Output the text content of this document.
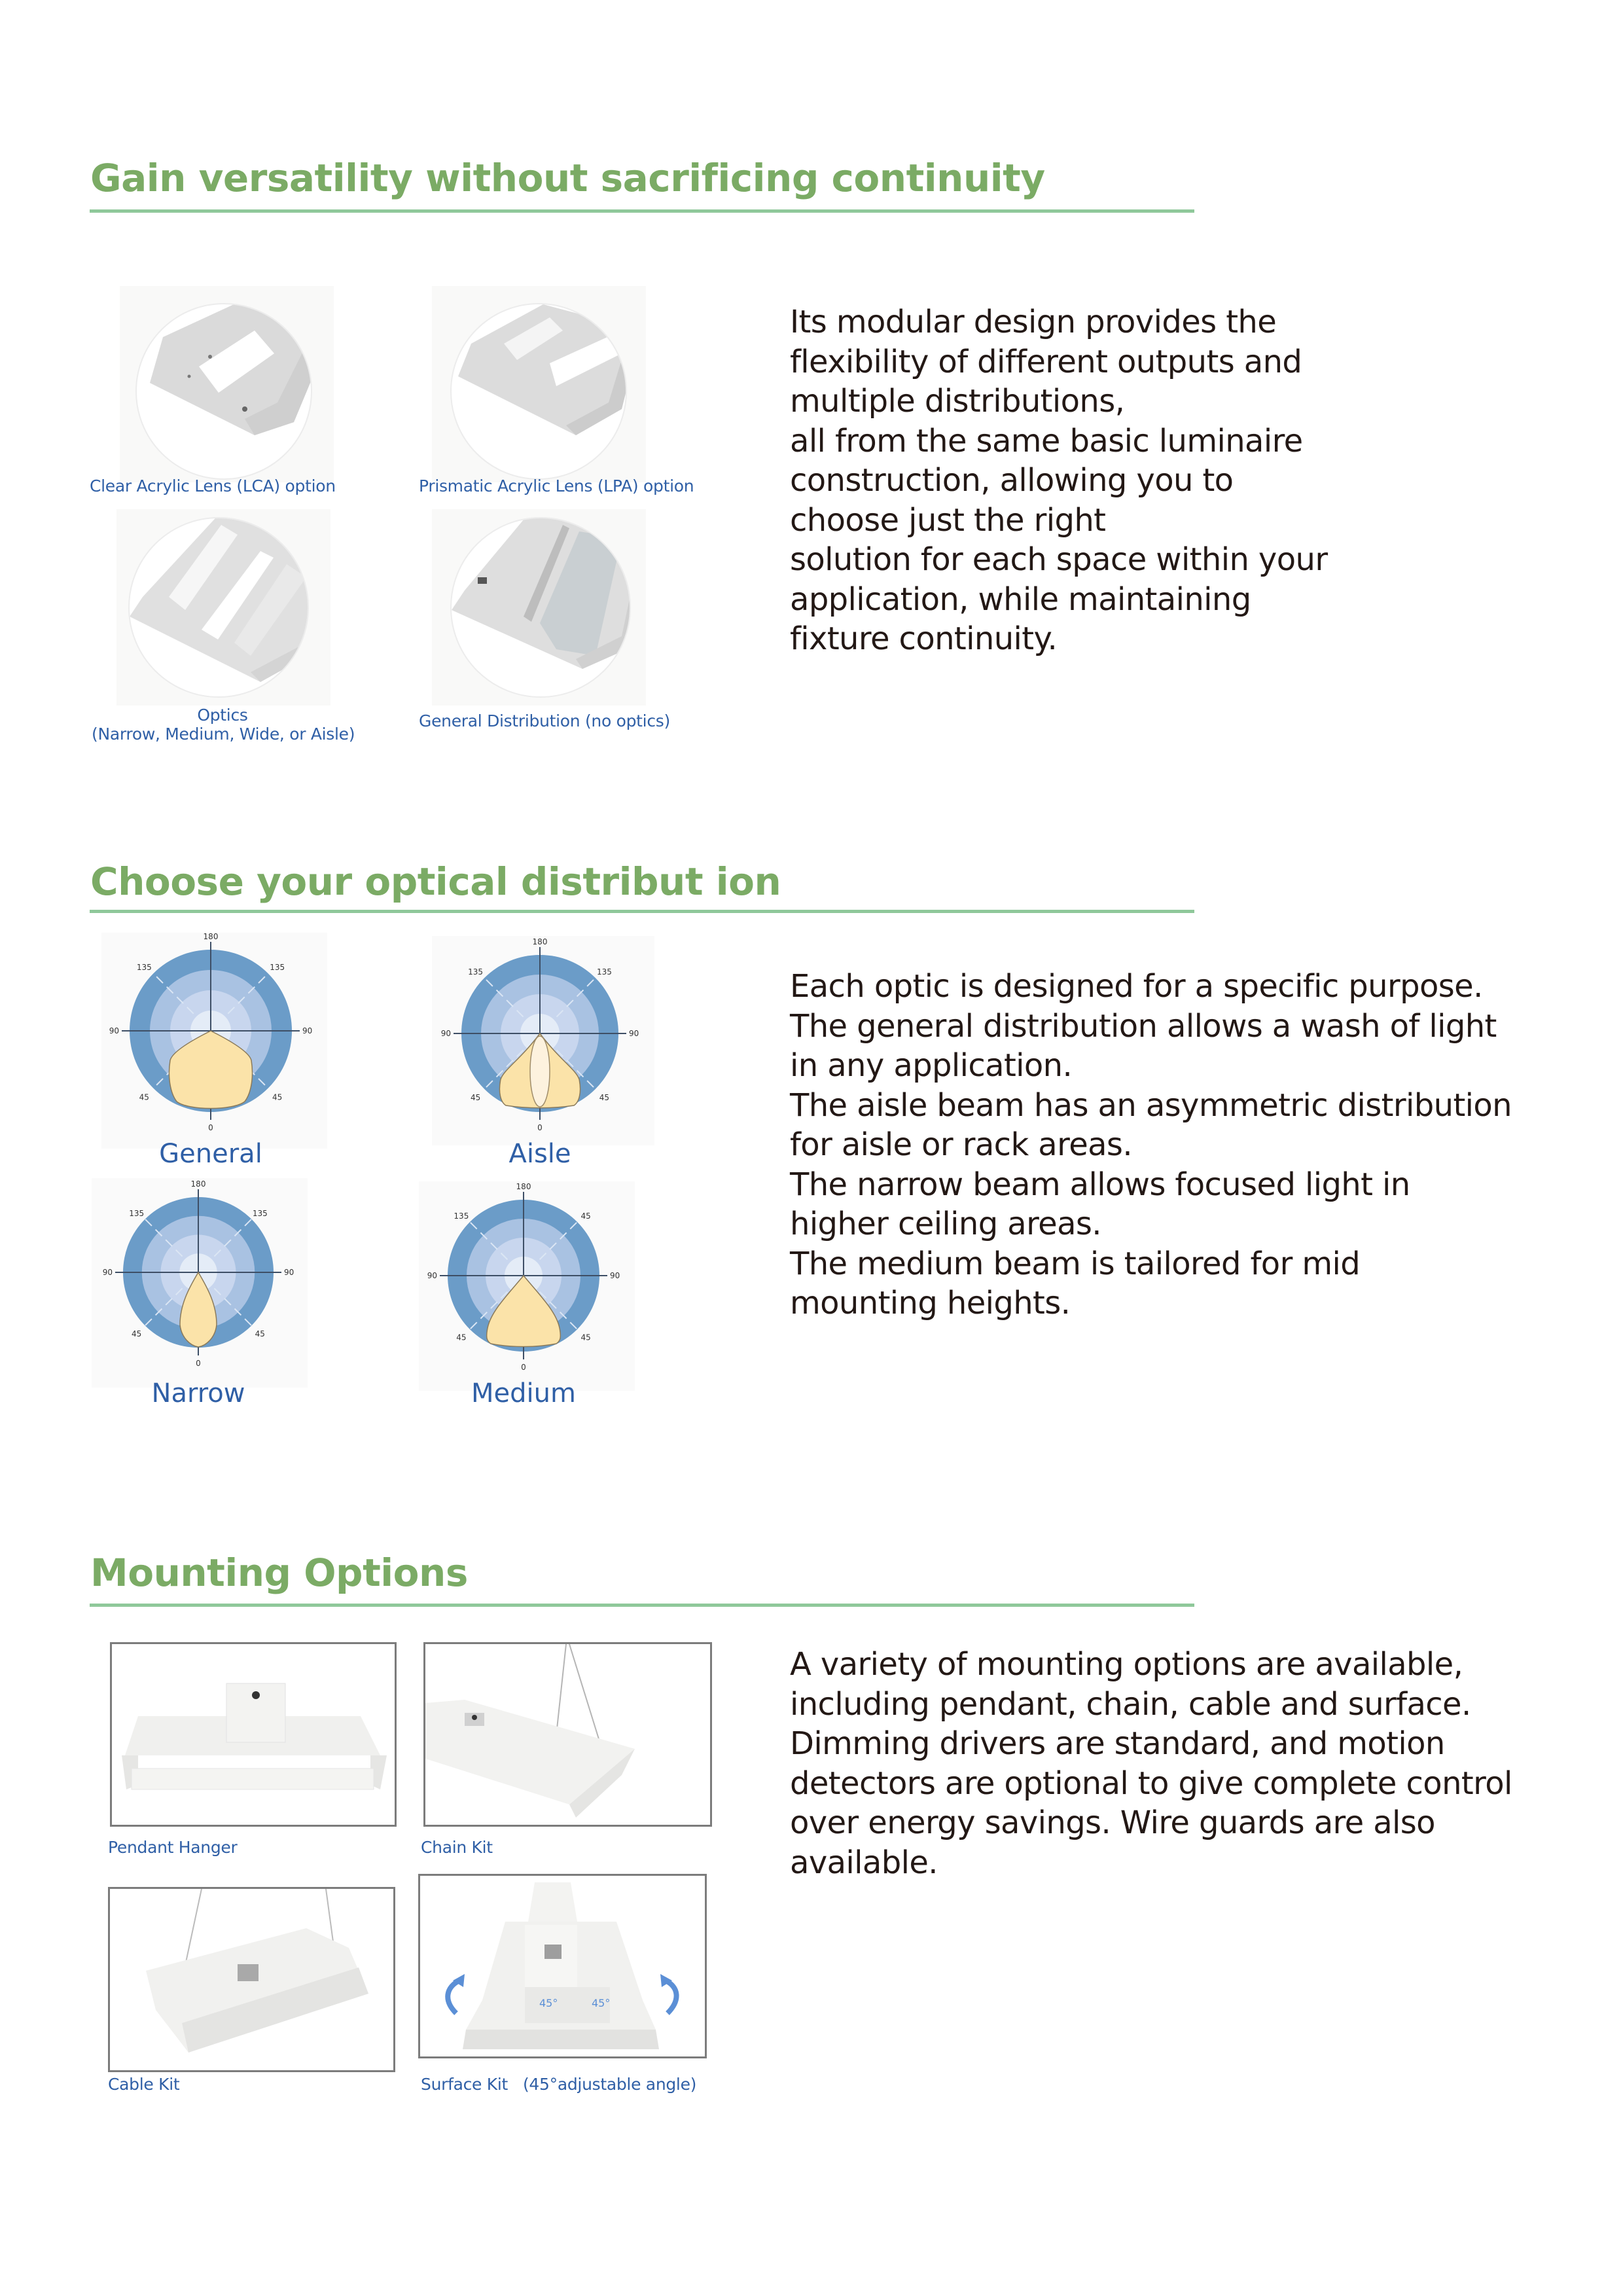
Gain versatility without sacrificing continuity
Clear Acrylic Lens (LCA) option	Prismatic Acrylic Lens (LPA) option
Optics
(Narrow, Medium, Wide, or Aisle)
General Distribution (no optics)
Its modular design provides the
flexibility of different outputs and
multiple distributions,
all from the same basic luminaire
construction, allowing you to
choose just the right
solution for each space within your
application, while maintaining
fixture continuity.
Choose your optical distribut ion
180
0
90	90
135	135
45	45
180
0
90	90
135	135
45	45
180
0
90	90
135	135
45	45
180
0
90	90
135	45
45	45
General	Aisle
Narrow	Medium
Each optic is designed for a specific purpose.
The general distribution allows a wash of light
in any application.
The aisle beam has an asymmetric distribution
for aisle or rack areas.
The narrow beam allows focused light in
higher ceiling areas.
The medium beam is tailored for mid
mounting heights.
Mounting Options
Pendant Hanger	Chain Kit
Cable Kit
45°	45°
Surface Kit   (45°adjustable angle)
A variety of mounting options are available,
including pendant, chain, cable and surface.
Dimming drivers are standard, and motion
detectors are optional to give complete control
over energy savings. Wire guards are also
available.
